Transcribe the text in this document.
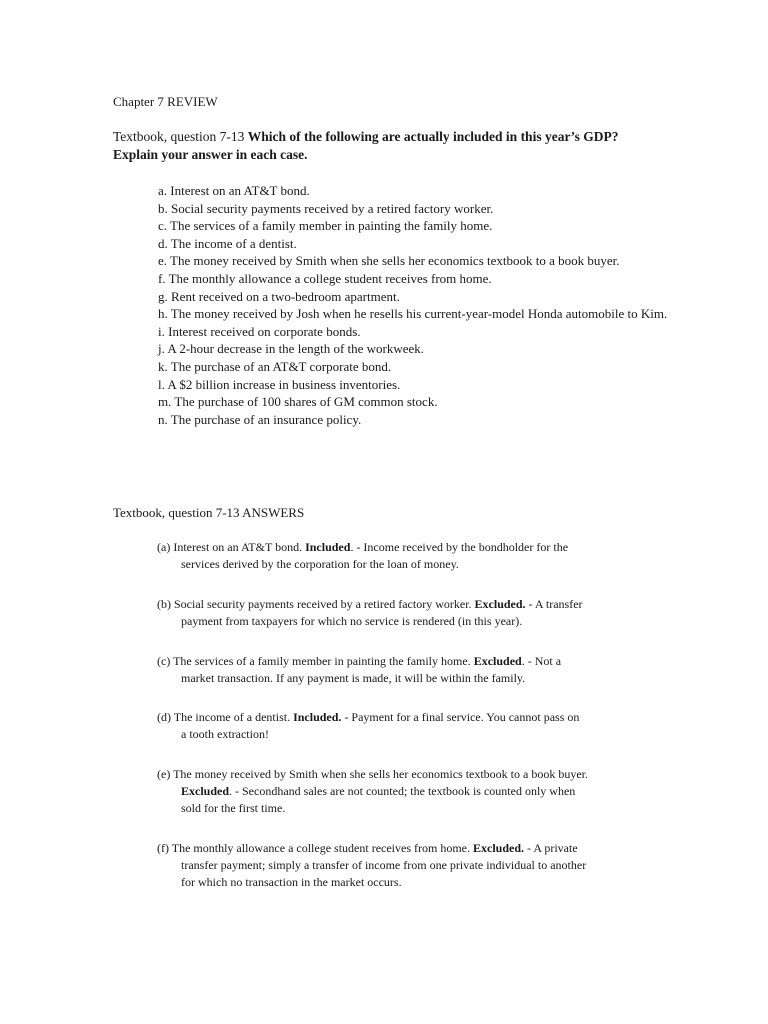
Chapter 7 REVIEW
Textbook, question 7-13 Which of the following are actually included in this year’s GDP? Explain your answer in each case.
a. Interest on an AT&T bond.
b. Social security payments received by a retired factory worker.
c. The services of a family member in painting the family home.
d. The income of a dentist.
e. The money received by Smith when she sells her economics textbook to a book buyer.
f. The monthly allowance a college student receives from home.
g. Rent received on a two-bedroom apartment.
h. The money received by Josh when he resells his current-year-model Honda automobile to Kim.
i. Interest received on corporate bonds.
j. A 2-hour decrease in the length of the workweek.
k. The purchase of an AT&T corporate bond.
l. A $2 billion increase in business inventories.
m. The purchase of 100 shares of GM common stock.
n. The purchase of an insurance policy.
Textbook, question 7-13 ANSWERS
(a) Interest on an AT&T bond. Included. - Income received by the bondholder for the
services derived by the corporation for the loan of money.
(b) Social security payments received by a retired factory worker. Excluded. - A transfer
payment from taxpayers for which no service is rendered (in this year).
(c) The services of a family member in painting the family home. Excluded. - Not a
market transaction. If any payment is made, it will be within the family.
(d) The income of a dentist. Included. - Payment for a final service. You cannot pass on
a tooth extraction!
(e) The money received by Smith when she sells her economics textbook to a book buyer.
Excluded. - Secondhand sales are not counted; the textbook is counted only when
sold for the first time.
(f) The monthly allowance a college student receives from home. Excluded. - A private
transfer payment; simply a transfer of income from one private individual to another
for which no transaction in the market occurs.
